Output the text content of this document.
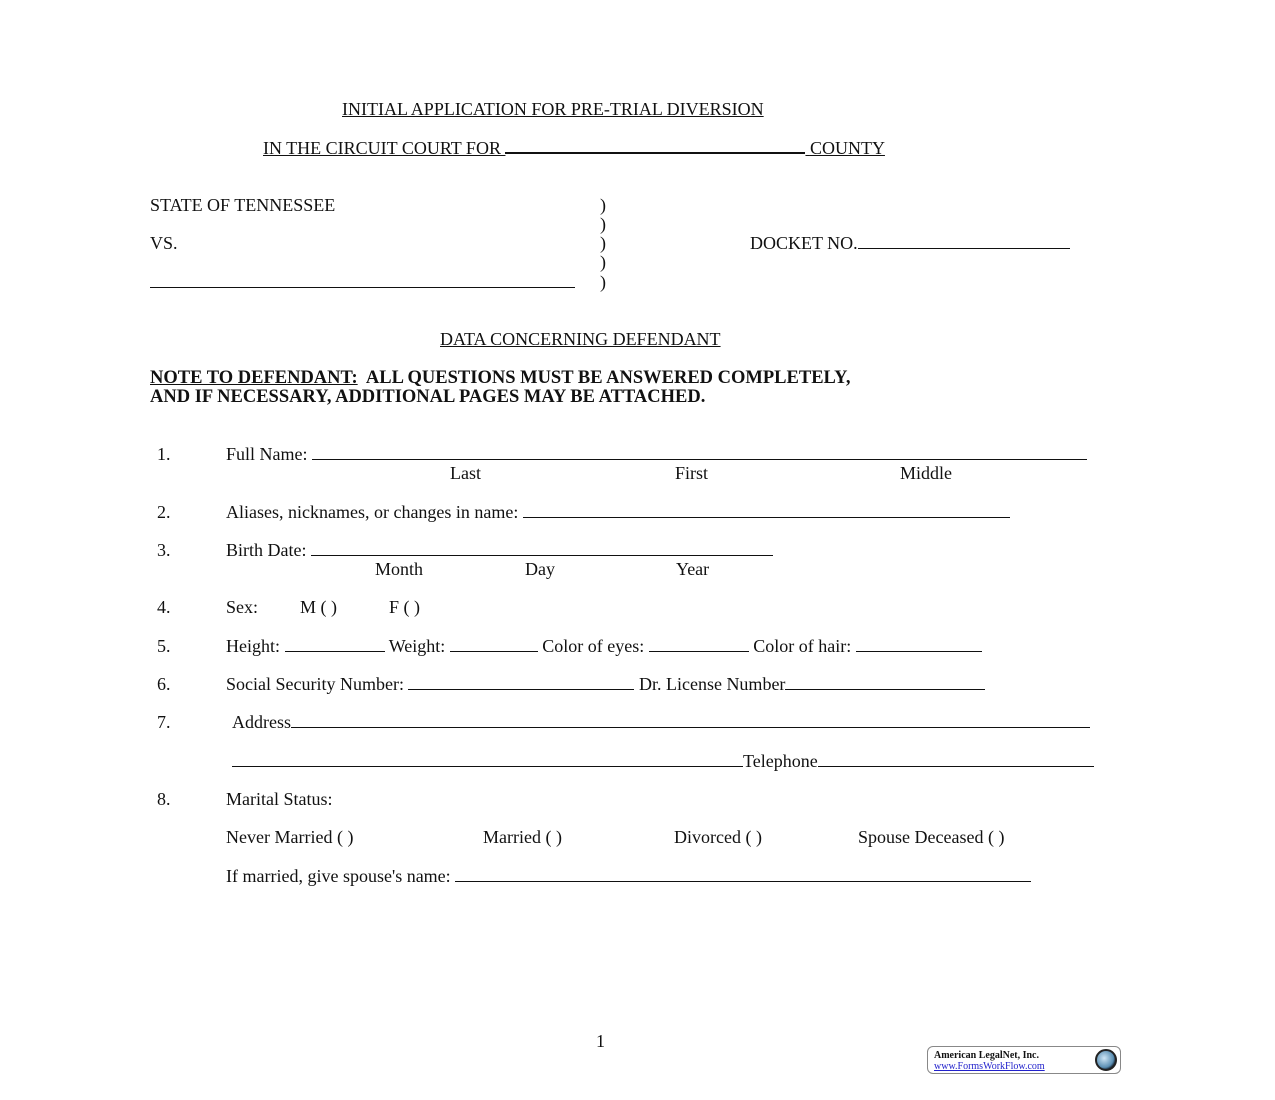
INITIAL APPLICATION FOR PRE-TRIAL DIVERSION
IN THE CIRCUIT COURT FOR	COUNTY
STATE OF TENNESSEE
VS.
)
)
)
)
)
DOCKET NO.
DATA CONCERNING DEFENDANT
NOTE TO DEFENDANT: ALL QUESTIONS MUST BE ANSWERED COMPLETELY,
AND IF NECESSARY, ADDITIONAL PAGES MAY BE ATTACHED.
1.	Full Name:
Last	First	Middle
2.	Aliases, nicknames, or changes in name:
3.	Birth Date:
Month	Day	Year
4.	Sex: M ( )	F ( )
5.	Height:	Weight:	Color of eyes:	Color of hair:
6.	Social Security Number:	Dr. License Number
7.	Address
Telephone
8.	Marital Status:
Never Married ( )	Married ( )	Divorced ( )	Spouse Deceased ( )
If married, give spouse's name:
1
American LegalNet, Inc.
www.FormsWorkFlow.com
